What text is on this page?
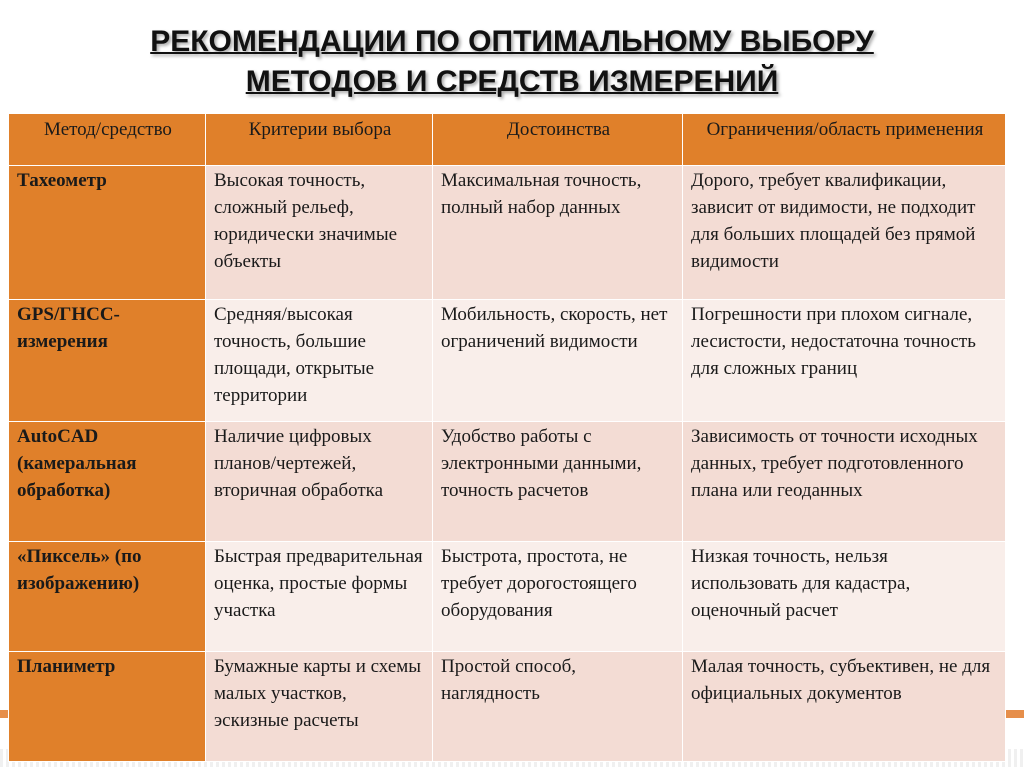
РЕКОМЕНДАЦИИ ПО ОПТИМАЛЬНОМУ ВЫБОРУ
МЕТОДОВ И СРЕДСТВ ИЗМЕРЕНИЙ
Метод/средство	Критерии выбора	Достоинства	Ограничения/область применения
Тахеометр	Высокая точность, сложный рельеф, юридически значимые объекты	Максимальная точность, полный набор данных	Дорого, требует квалификации, зависит от видимости, не подходит для больших площадей без прямой видимости
GPS/ГНСС-измерения	Средняя/высокая точность, большие площади, открытые территории	Мобильность, скорость, нет ограничений видимости	Погрешности при плохом сигнале, лесистости, недостаточна точность для сложных границ
AutoCAD (камеральная обработка)	Наличие цифровых планов/чертежей, вторичная обработка	Удобство работы с электронными данными, точность расчетов	Зависимость от точности исходных данных, требует подготовленного плана или геоданных
«Пиксель» (по изображению)	Быстрая предварительная оценка, простые формы участка	Быстрота, простота, не требует дорогостоящего оборудования	Низкая точность, нельзя использовать для кадастра, оценочный расчет
Планиметр	Бумажные карты и схемы малых участков, эскизные расчеты	Простой способ, наглядность	Малая точность, субъективен, не для официальных документов
